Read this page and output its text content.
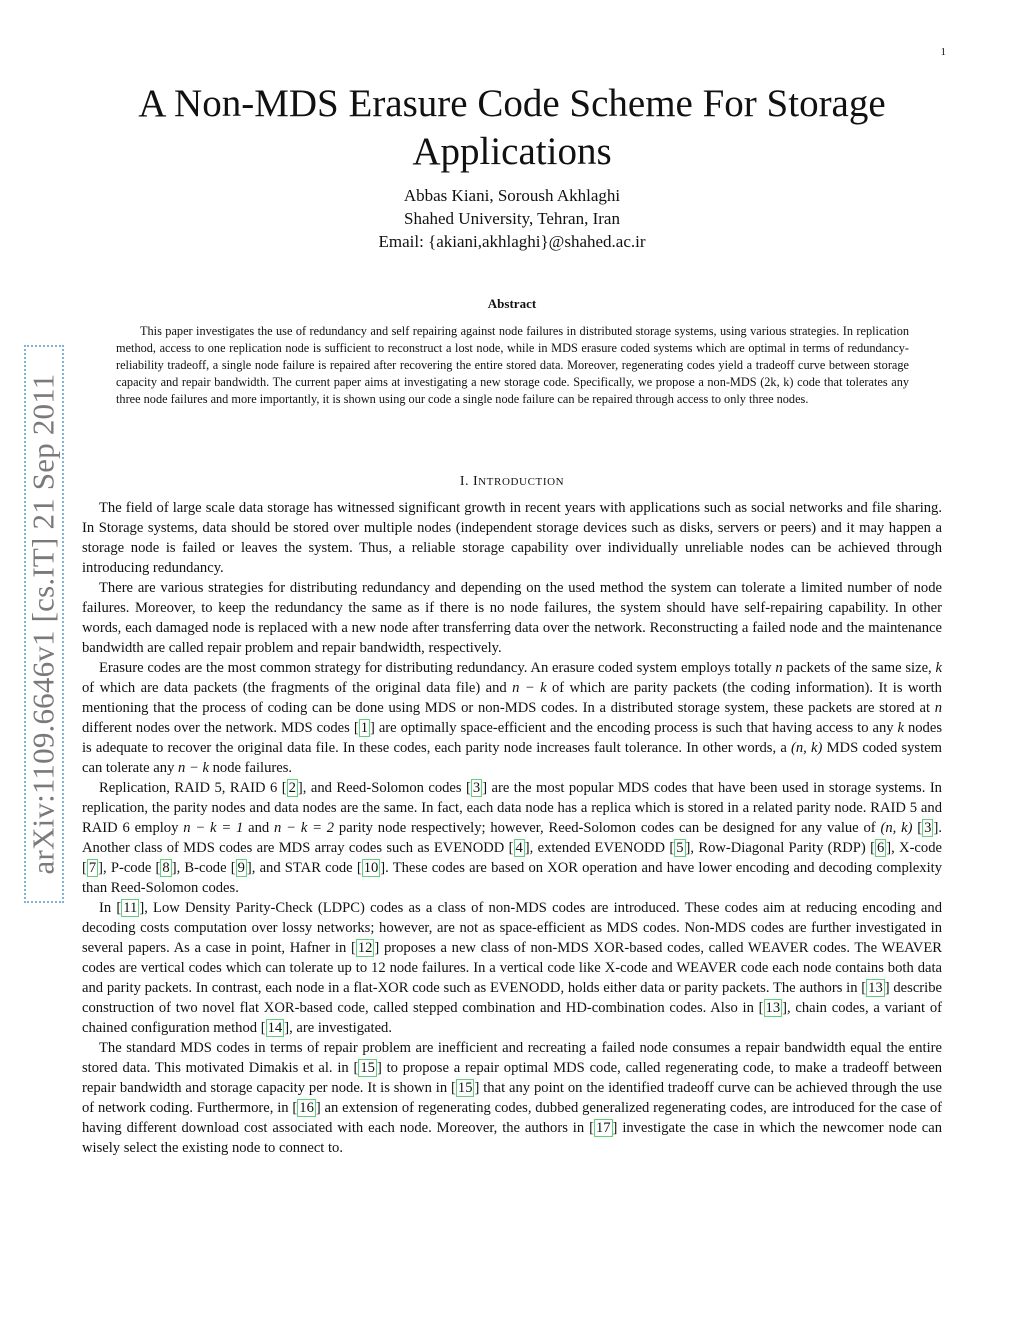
1
arXiv:1109.6646v1 [cs.IT] 21 Sep 2011
A Non-MDS Erasure Code Scheme For Storage Applications
Abbas Kiani, Soroush Akhlaghi
Shahed University, Tehran, Iran
Email: {akiani,akhlaghi}@shahed.ac.ir
Abstract

This paper investigates the use of redundancy and self repairing against node failures in distributed storage systems, using various strategies. In replication method, access to one replication node is sufficient to reconstruct a lost node, while in MDS erasure coded systems which are optimal in terms of redundancy-reliability tradeoff, a single node failure is repaired after recovering the entire stored data. Moreover, regenerating codes yield a tradeoff curve between storage capacity and repair bandwidth. The current paper aims at investigating a new storage code. Specifically, we propose a non-MDS (2k, k) code that tolerates any three node failures and more importantly, it is shown using our code a single node failure can be repaired through access to only three nodes.

I. INTRODUCTION

The field of large scale data storage has witnessed significant growth in recent years with applications such as social networks and file sharing. In Storage systems, data should be stored over multiple nodes (independent storage devices such as disks, servers or peers) and it may happen a storage node is failed or leaves the system. Thus, a reliable storage capability over individually unreliable nodes can be achieved through introducing redundancy.

There are various strategies for distributing redundancy and depending on the used method the system can tolerate a limited number of node failures. Moreover, to keep the redundancy the same as if there is no node failures, the system should have self-repairing capability. In other words, each damaged node is replaced with a new node after transferring data over the network. Reconstructing a failed node and the maintenance bandwidth are called repair problem and repair bandwidth, respectively.

Erasure codes are the most common strategy for distributing redundancy. An erasure coded system employs totally n packets of the same size, k of which are data packets (the fragments of the original data file) and n − k of which are parity packets (the coding information). It is worth mentioning that the process of coding can be done using MDS or non-MDS codes. In a distributed storage system, these packets are stored at n different nodes over the network. MDS codes [ 1 ] are optimally space-efficient and the encoding process is such that having access to any k nodes is adequate to recover the original data file. In these codes, each parity node increases fault tolerance. In other words, a (n, k) MDS coded system can tolerate any n − k node failures.

Replication, RAID 5, RAID 6 [ 2 ], and Reed-Solomon codes [ 3 ] are the most popular MDS codes that have been used in storage systems. In replication, the parity nodes and data nodes are the same. In fact, each data node has a replica which is stored in a related parity node. RAID 5 and RAID 6 employ n − k = 1 and n − k = 2 parity node respectively; however, Reed-Solomon codes can be designed for any value of (n, k) [ 3 ]. Another class of MDS codes are MDS array codes such as EVENODD [ 4 ], extended EVENODD [ 5 ], Row-Diagonal Parity (RDP) [ 6 ], X-code [ 7 ], P-code [ 8 ], B-code [ 9 ], and STAR code [ 10 ]. These codes are based on XOR operation and have lower encoding and decoding complexity than Reed-Solomon codes.

In [ 11 ], Low Density Parity-Check (LDPC) codes as a class of non-MDS codes are introduced. These codes aim at reducing encoding and decoding costs computation over lossy networks; however, are not as space-efficient as MDS codes. Non-MDS codes are further investigated in several papers. As a case in point, Hafner in [ 12 ] proposes a new class of non-MDS XOR-based codes, called WEAVER codes. The WEAVER codes are vertical codes which can tolerate up to 12 node failures. In a vertical code like X-code and WEAVER code each node contains both data and parity packets. In contrast, each node in a flat-XOR code such as EVENODD, holds either data or parity packets. The authors in [ 13 ] describe construction of two novel flat XOR-based code, called stepped combination and HD-combination codes. Also in [ 13 ], chain codes, a variant of chained configuration method [ 14 ], are investigated.

The standard MDS codes in terms of repair problem are inefficient and recreating a failed node consumes a repair bandwidth equal the entire stored data. This motivated Dimakis et al. in [ 15 ] to propose a repair optimal MDS code, called regenerating code, to make a tradeoff between repair bandwidth and storage capacity per node. It is shown in [ 15 ] that any point on the identified tradeoff curve can be achieved through the use of network coding. Furthermore, in [ 16 ] an extension of regenerating codes, dubbed generalized regenerating codes, are introduced for the case of having different download cost associated with each node. Moreover, the authors in [ 17 ] investigate the case in which the newcomer node can wisely select the existing node to connect to.
